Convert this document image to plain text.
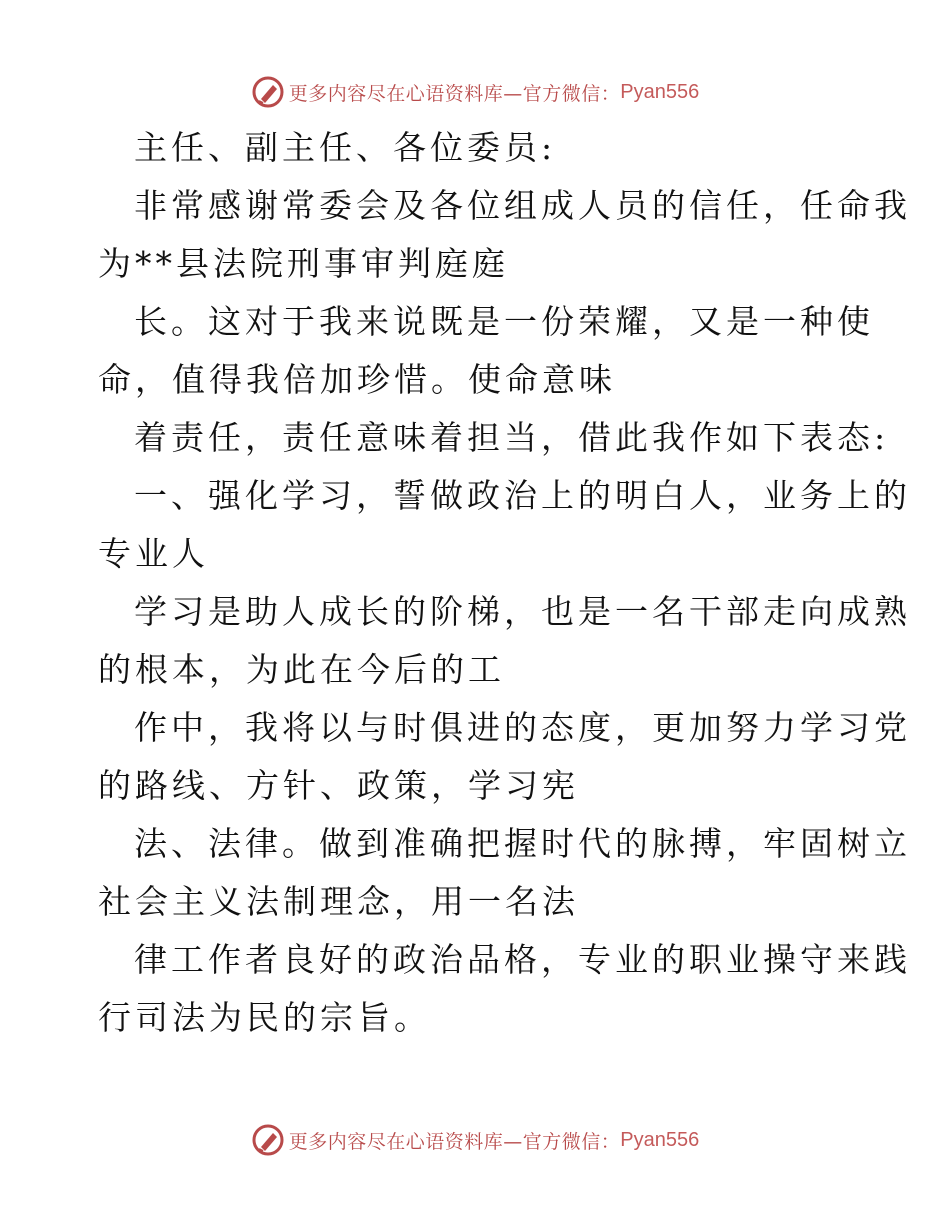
更多内容尽在心语资料库—官方微信： Pyan556
主任、副主任、各位委员:
非常感谢常委会及各位组成人员的信任，任命我
为**县法院刑事审判庭庭
长。这对于我来说既是一份荣耀，又是一种使
命，值得我倍加珍惜。使命意味
着责任，责任意味着担当，借此我作如下表态:
一、强化学习，誓做政治上的明白人，业务上的
专业人
学习是助人成长的阶梯，也是一名干部走向成熟
的根本，为此在今后的工
作中，我将以与时俱进的态度，更加努力学习党
的路线、方针、政策，学习宪
法、法律。做到准确把握时代的脉搏，牢固树立
社会主义法制理念，用一名法
律工作者良好的政治品格，专业的职业操守来践
行司法为民的宗旨。
更多内容尽在心语资料库—官方微信： Pyan556
